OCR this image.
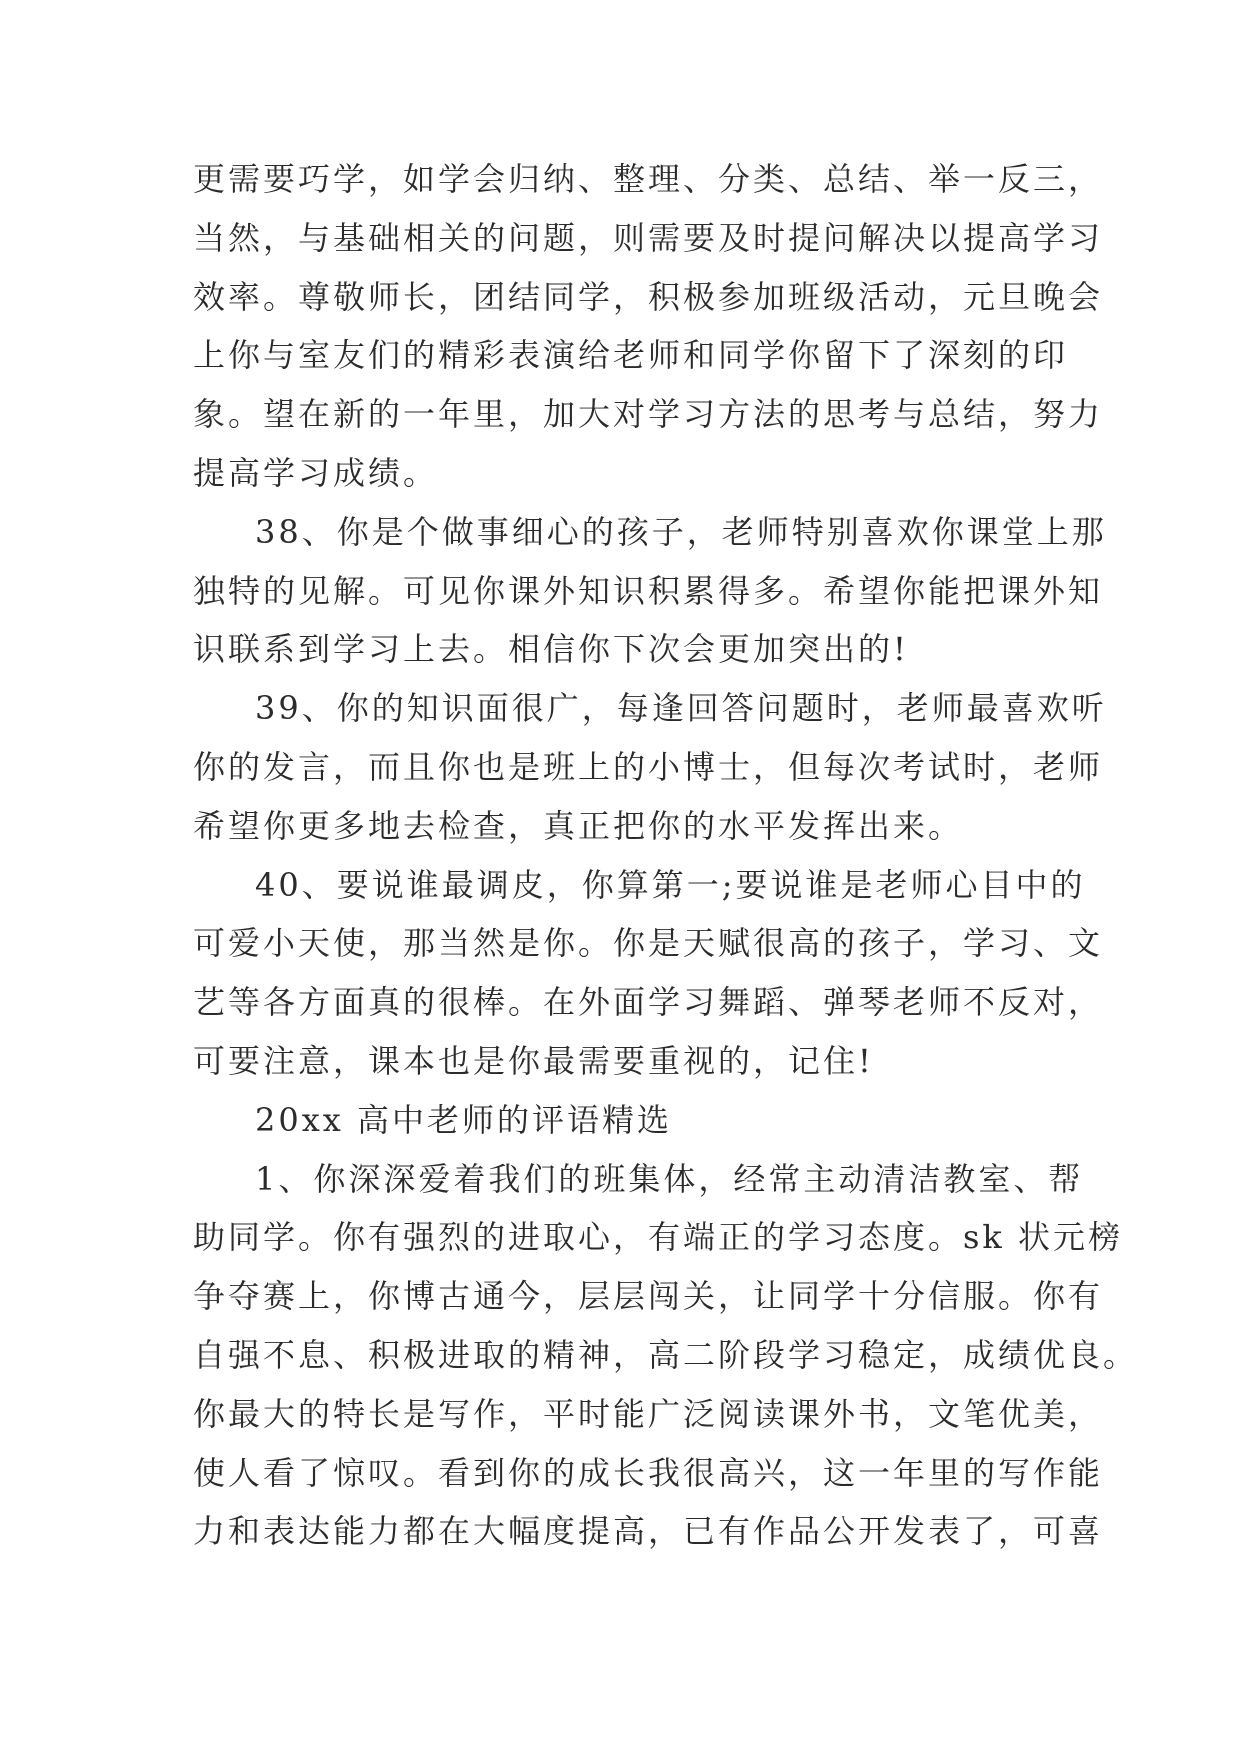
更需要巧学，如学会归纳、整理、分类、总结、举一反三，
当然，与基础相关的问题，则需要及时提问解决以提高学习
效率。尊敬师长，团结同学，积极参加班级活动，元旦晚会
上你与室友们的精彩表演给老师和同学你留下了深刻的印
象。望在新的一年里，加大对学习方法的思考与总结，努力
提高学习成绩。
38、你是个做事细心的孩子，老师特别喜欢你课堂上那
独特的见解。可见你课外知识积累得多。希望你能把课外知
识联系到学习上去。相信你下次会更加突出的!
39、你的知识面很广，每逢回答问题时，老师最喜欢听
你的发言，而且你也是班上的小博士，但每次考试时，老师
希望你更多地去检查，真正把你的水平发挥出来。
40、要说谁最调皮，你算第一;要说谁是老师心目中的
可爱小天使，那当然是你。你是天赋很高的孩子，学习、文
艺等各方面真的很棒。在外面学习舞蹈、弹琴老师不反对，
可要注意，课本也是你最需要重视的，记住!
20xx 高中老师的评语精选
1、你深深爱着我们的班集体，经常主动清洁教室、帮
助同学。你有强烈的进取心，有端正的学习态度。sk 状元榜
争夺赛上，你博古通今，层层闯关，让同学十分信服。你有
自强不息、积极进取的精神，高二阶段学习稳定，成绩优良。
你最大的特长是写作，平时能广泛阅读课外书，文笔优美，
使人看了惊叹。看到你的成长我很高兴，这一年里的写作能
力和表达能力都在大幅度提高，已有作品公开发表了，可喜
